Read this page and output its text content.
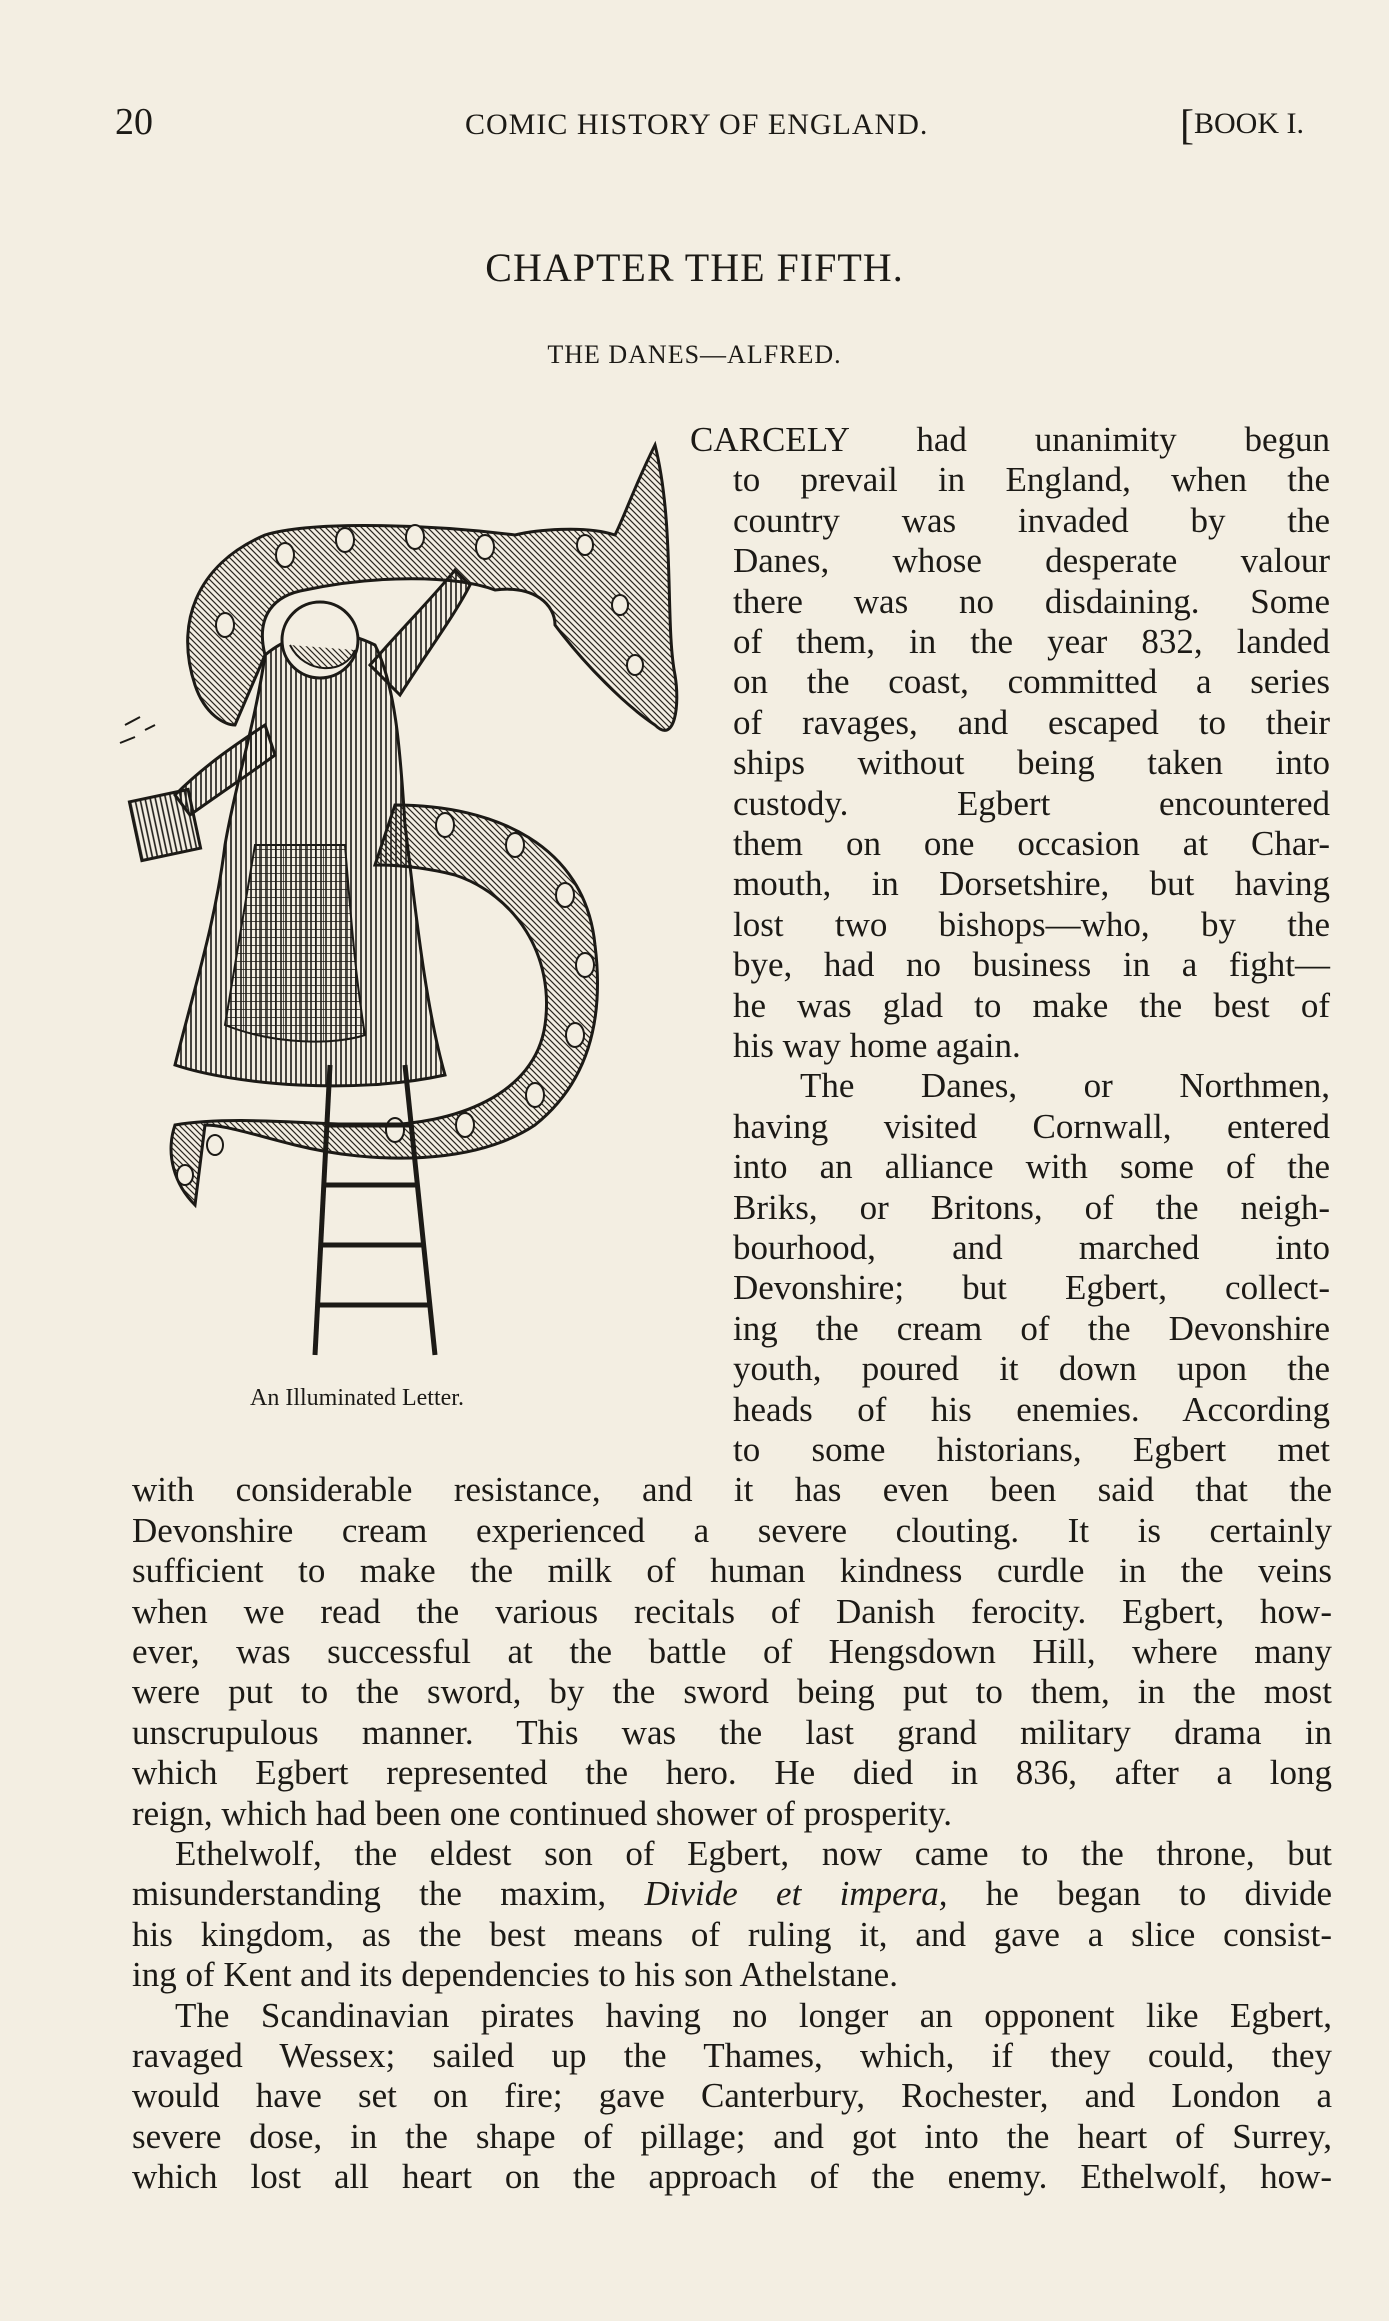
20	COMIC HISTORY OF ENGLAND.	[BOOK I.
CHAPTER THE FIFTH.
THE DANES—ALFRED.
An Illuminated Letter.
CARCELY had unanimity begun
to prevail in England, when the
country was invaded by the
Danes, whose desperate valour
there was no disdaining. Some
of them, in the year 832, landed
on the coast, committed a series
of ravages, and escaped to their
ships without being taken into
custody. Egbert encountered
them on one occasion at Char-
mouth, in Dorsetshire, but having
lost two bishops—who, by the
bye, had no business in a fight—
he was glad to make the best of
his way home again.
The Danes, or Northmen,
having visited Cornwall, entered
into an alliance with some of the
Briks, or Britons, of the neigh-
bourhood, and marched into
Devonshire; but Egbert, collect-
ing the cream of the Devonshire
youth, poured it down upon the
heads of his enemies. According
to some historians, Egbert met
with considerable resistance, and it has even been said that the
Devonshire cream experienced a severe clouting. It is certainly
sufficient to make the milk of human kindness curdle in the veins
when we read the various recitals of Danish ferocity. Egbert, how-
ever, was successful at the battle of Hengsdown Hill, where many
were put to the sword, by the sword being put to them, in the most
unscrupulous manner. This was the last grand military drama in
which Egbert represented the hero. He died in 836, after a long
reign, which had been one continued shower of prosperity.
Ethelwolf, the eldest son of Egbert, now came to the throne, but
misunderstanding the maxim, Divide et impera, he began to divide
his kingdom, as the best means of ruling it, and gave a slice consist-
ing of Kent and its dependencies to his son Athelstane.
The Scandinavian pirates having no longer an opponent like Egbert,
ravaged Wessex; sailed up the Thames, which, if they could, they
would have set on fire; gave Canterbury, Rochester, and London a
severe dose, in the shape of pillage; and got into the heart of Surrey,
which lost all heart on the approach of the enemy. Ethelwolf, how-
